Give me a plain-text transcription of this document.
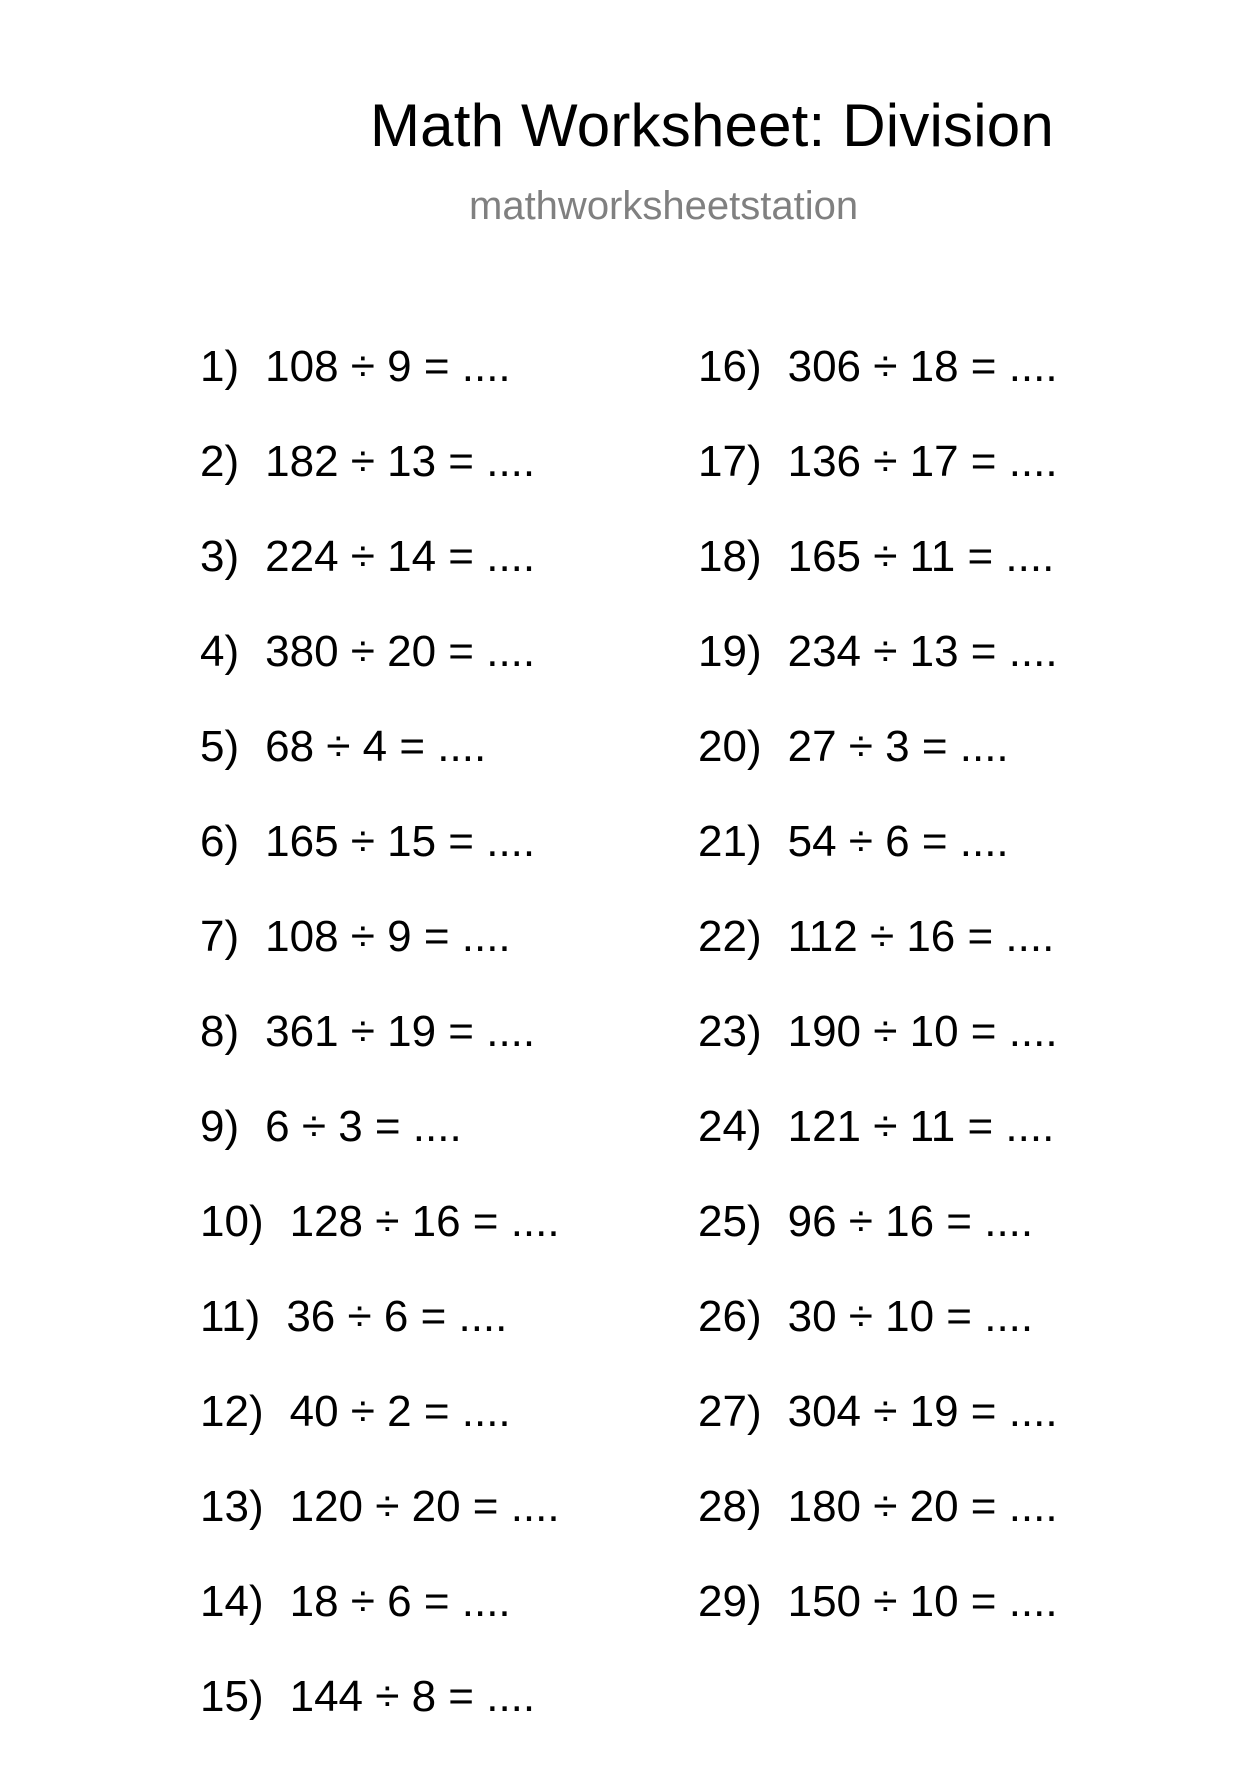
Math Worksheet: Division
mathworksheetstation
1) 108 ÷ 9 = ....
2) 182 ÷ 13 = ....
3) 224 ÷ 14 = ....
4) 380 ÷ 20 = ....
5) 68 ÷ 4 = ....
6) 165 ÷ 15 = ....
7) 108 ÷ 9 = ....
8) 361 ÷ 19 = ....
9) 6 ÷ 3 = ....
10) 128 ÷ 16 = ....
11) 36 ÷ 6 = ....
12) 40 ÷ 2 = ....
13) 120 ÷ 20 = ....
14) 18 ÷ 6 = ....
15) 144 ÷ 8 = ....
16) 306 ÷ 18 = ....
17) 136 ÷ 17 = ....
18) 165 ÷ 11 = ....
19) 234 ÷ 13 = ....
20) 27 ÷ 3 = ....
21) 54 ÷ 6 = ....
22) 112 ÷ 16 = ....
23) 190 ÷ 10 = ....
24) 121 ÷ 11 = ....
25) 96 ÷ 16 = ....
26) 30 ÷ 10 = ....
27) 304 ÷ 19 = ....
28) 180 ÷ 20 = ....
29) 150 ÷ 10 = ....
